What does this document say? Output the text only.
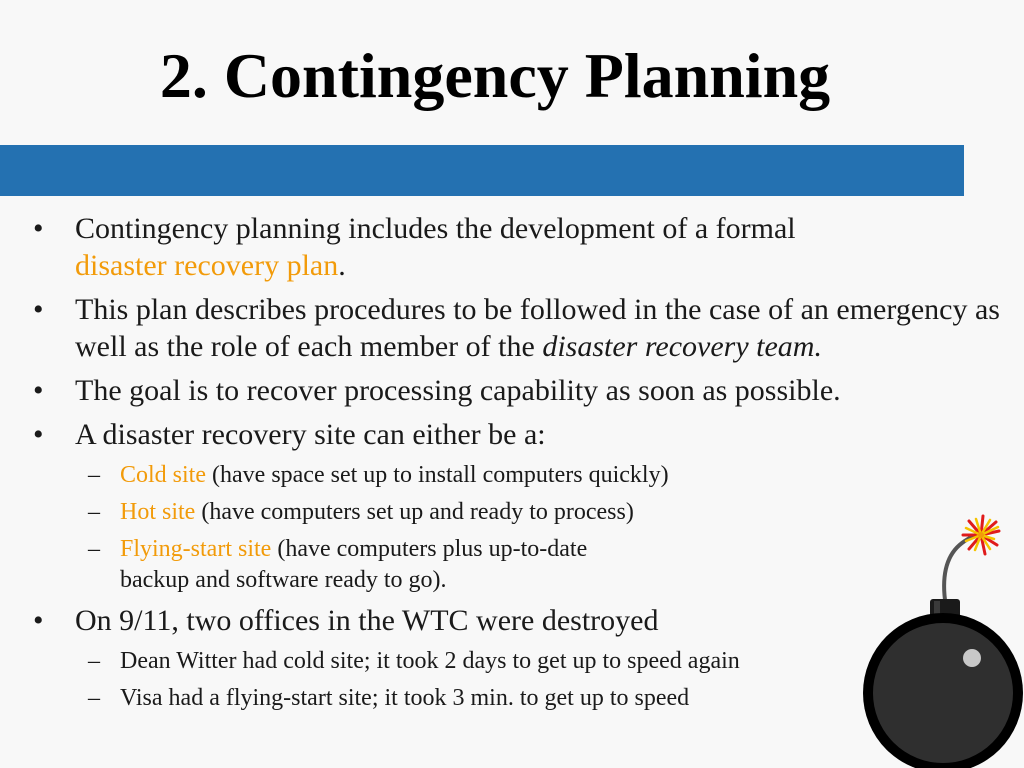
2. Contingency Planning
• Contingency planning includes the development of a formal
disaster recovery plan.
• This plan describes procedures to be followed in the case of an emergency as well as the role of each member of the disaster recovery team.
• The goal is to recover processing capability as soon as possible.
• A disaster recovery site can either be a:
– Cold site (have space set up to install computers quickly)
– Hot site (have computers set up and ready to process)
– Flying-start site (have computers plus up-to-date
backup and software ready to go).
• On 9/11, two offices in the WTC were destroyed
– Dean Witter had cold site; it took 2 days to get up to speed again
– Visa had a flying-start site; it took 3 min. to get up to speed
